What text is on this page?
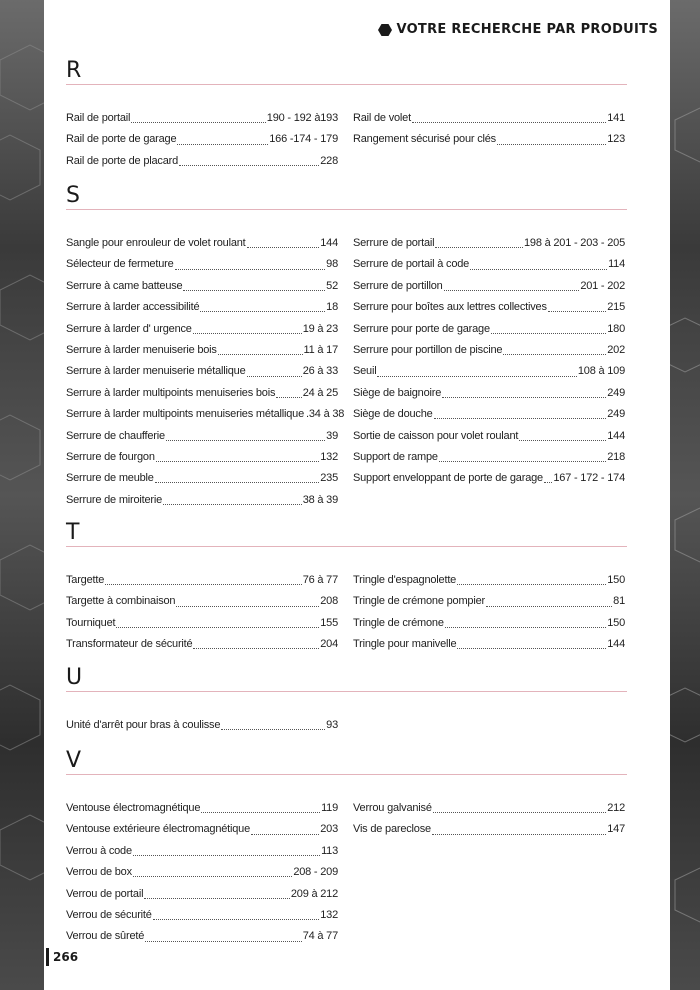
VOTRE RECHERCHE PAR PRODUITS
R
Rail de portail	190 - 192 à193
Rail de porte de garage	166 -174 - 179
Rail de porte de placard	228
Rail de volet	141
Rangement sécurisé pour clés	123
S
Sangle pour enrouleur de volet roulant	144
Sélecteur de fermeture	98
Serrure à came batteuse	52
Serrure à larder accessibilité	18
Serrure à larder d' urgence	19 à 23
Serrure à larder menuiserie bois	11 à 17
Serrure à larder menuiserie métallique	26 à 33
Serrure à larder multipoints menuiseries bois 24 à 25
Serrure à larder multipoints menuiseries métallique .34 à 38
Serrure de chaufferie	39
Serrure de fourgon	132
Serrure de meuble	235
Serrure de miroiterie	38 à 39
Serrure de portail	198 à 201 - 203 - 205
Serrure de portail à code	114
Serrure de portillon	201 - 202
Serrure pour boîtes aux lettres collectives	215
Serrure pour porte de garage	180
Serrure pour portillon de piscine	202
Seuil	108 à 109
Siège de baignoire	249
Siège de douche	249
Sortie de caisson pour volet roulant	144
Support de rampe	218
Support enveloppant de porte de garage 167 - 172 - 174
T
Targette	76 à 77
Targette à combinaison	208
Tourniquet	155
Transformateur de sécurité	204
Tringle d'espagnolette	150
Tringle de crémone pompier	81
Tringle de crémone	150
Tringle pour manivelle	144
U
Unité d'arrêt pour bras à coulisse	93
V
Ventouse électromagnétique	119
Ventouse extérieure électromagnétique	203
Verrou à code	113
Verrou de box	208 - 209
Verrou de portail	209 à 212
Verrou de sécurité	132
Verrou de sûreté	74 à 77
Verrou galvanisé	212
Vis de pareclose	147
266
